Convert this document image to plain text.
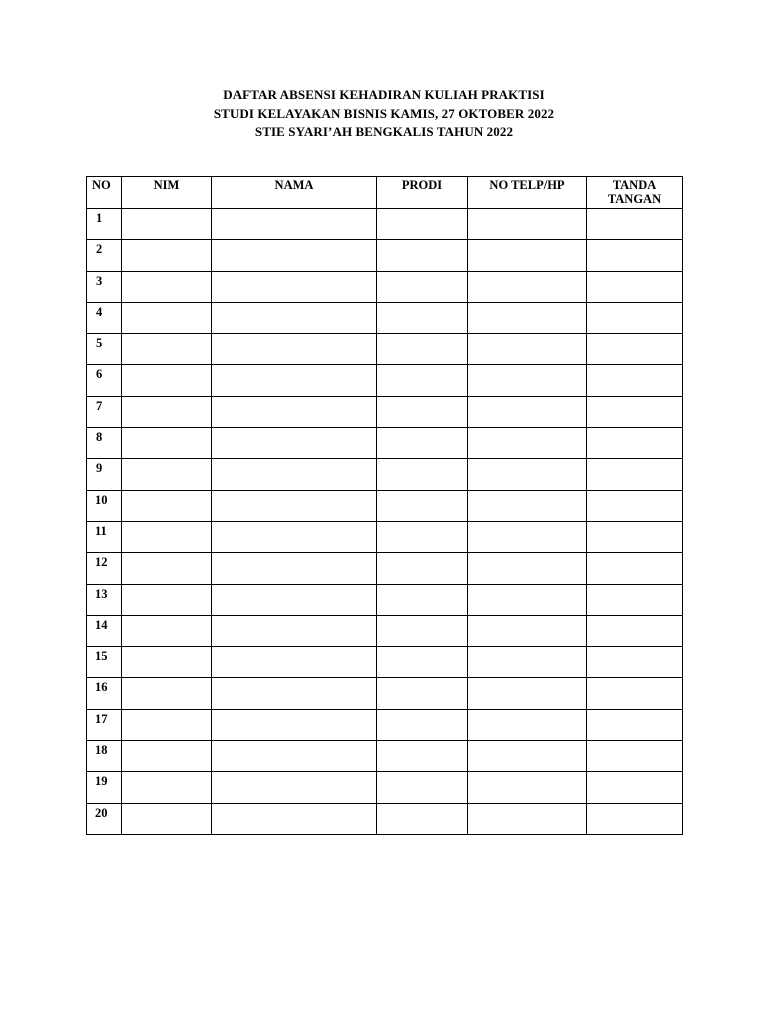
DAFTAR ABSENSI KEHADIRAN KULIAH PRAKTISI
STUDI KELAYAKAN BISNIS KAMIS, 27 OKTOBER 2022
STIE SYARI’AH BENGKALIS TAHUN 2022
NO	NIM	NAMA	PRODI	NO TELP/HP	TANDA
TANGAN

1					
2					
3					
4					
5					
6					
7					
8					
9					
10					
11					
12					
13					
14					
15					
16					
17					
18					
19					
20					
